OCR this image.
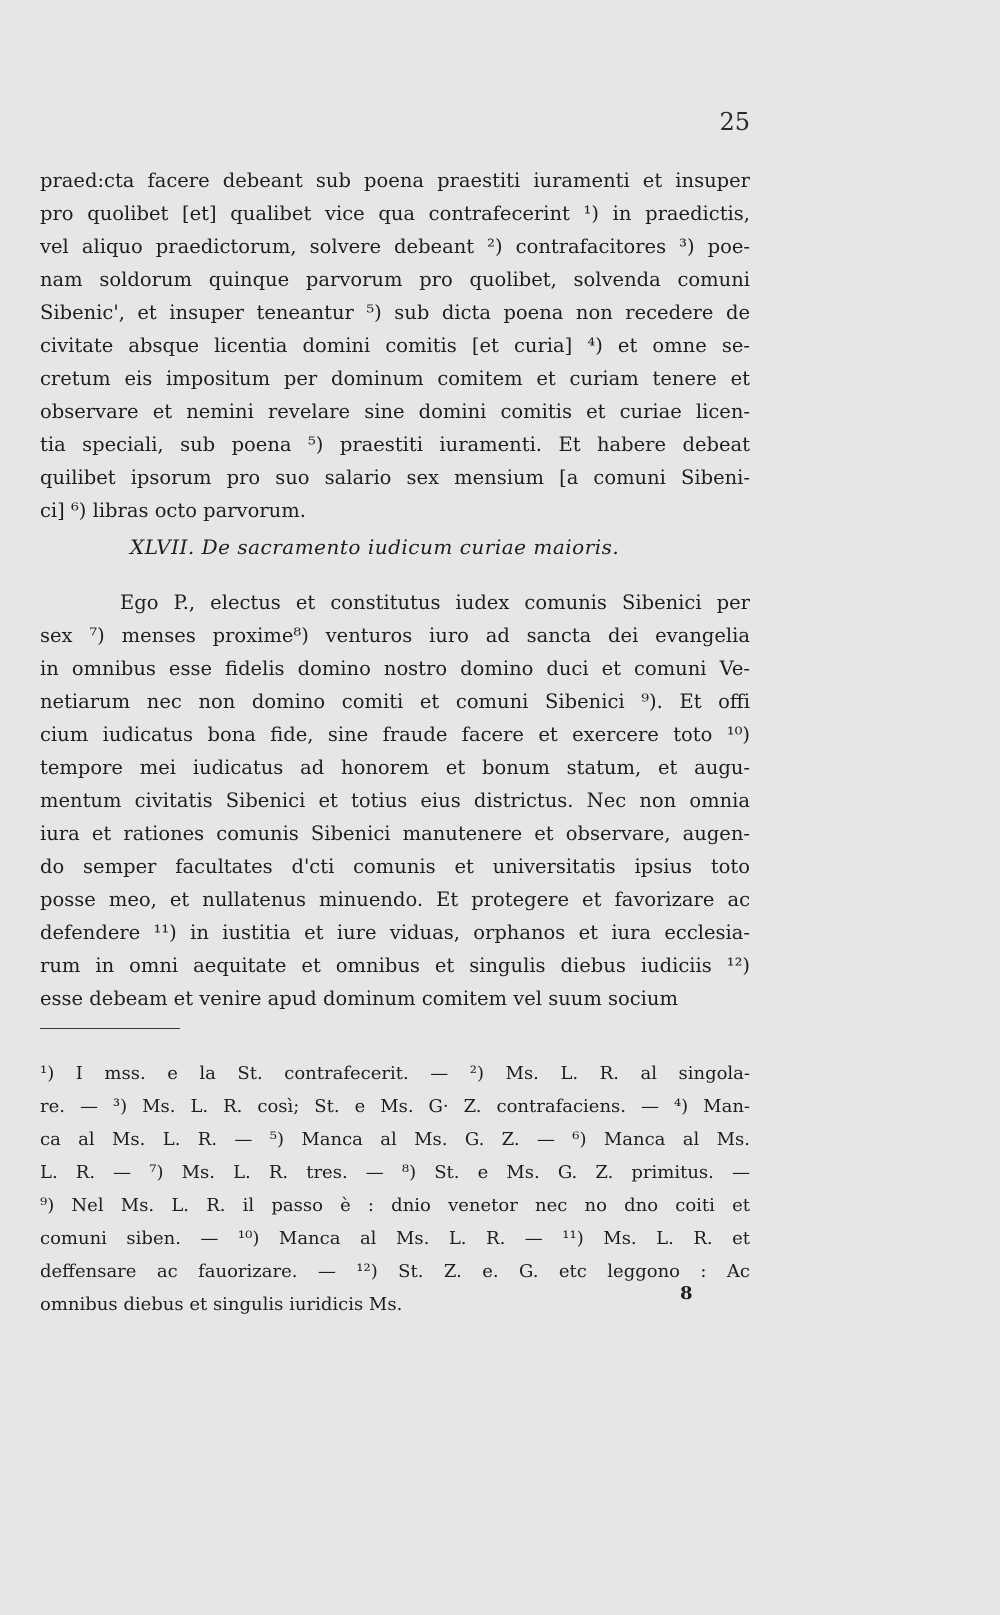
25
praed:cta facere debeant sub poena praestiti iuramenti et insuper
pro quolibet [et] qualibet vice qua contrafecerint ¹) in praedictis,
vel aliquo praedictorum, solvere debeant ²) contrafacitores ³) poe-
nam soldorum quinque parvorum pro quolibet, solvenda comuni
Sibenic', et insuper teneantur ⁵) sub dicta poena non recedere de
civitate absque licentia domini comitis [et curia] ⁴) et omne se-
cretum eis impositum per dominum comitem et curiam tenere et
observare et nemini revelare sine domini comitis et curiae licen-
tia speciali, sub poena ⁵) praestiti iuramenti. Et habere debeat
quilibet ipsorum pro suo salario sex mensium [a comuni Sibeni-
ci] ⁶) libras octo parvorum.
XLVII. De sacramento iudicum curiae maioris.
Ego P., electus et constitutus iudex comunis Sibenici per
sex ⁷) menses proxime⁸) venturos iuro ad sancta dei evangelia
in omnibus esse fidelis domino nostro domino duci et comuni Ve-
netiarum nec non domino comiti et comuni Sibenici ⁹). Et offi
cium iudicatus bona fide, sine fraude facere et exercere toto ¹⁰)
tempore mei iudicatus ad honorem et bonum statum, et augu-
mentum civitatis Sibenici et totius eius districtus. Nec non omnia
iura et rationes comunis Sibenici manutenere et observare, augen-
do semper facultates d'cti comunis et universitatis ipsius toto
posse meo, et nullatenus minuendo. Et protegere et favorizare ac
defendere ¹¹) in iustitia et iure viduas, orphanos et iura ecclesia-
rum in omni aequitate et omnibus et singulis diebus iudiciis ¹²)
esse debeam et venire apud dominum comitem vel suum socium
¹) I mss. e la St. contrafecerit. — ²) Ms. L. R. al singola-
re. — ³) Ms. L. R. così; St. e Ms. G· Z. contrafaciens. — ⁴) Man-
ca al Ms. L. R. — ⁵) Manca al Ms. G. Z. — ⁶) Manca al Ms.
L. R. — ⁷) Ms. L. R. tres. — ⁸) St. e Ms. G. Z. primitus. —
⁹) Nel Ms. L. R. il passo è : dnio venetor nec no dno coiti et
comuni siben. — ¹⁰) Manca al Ms. L. R. — ¹¹) Ms. L. R. et
deffensare ac fauorizare. — ¹²) St. Z. e. G. etc leggono : Ac
omnibus diebus et singulis iuridicis Ms.
8
